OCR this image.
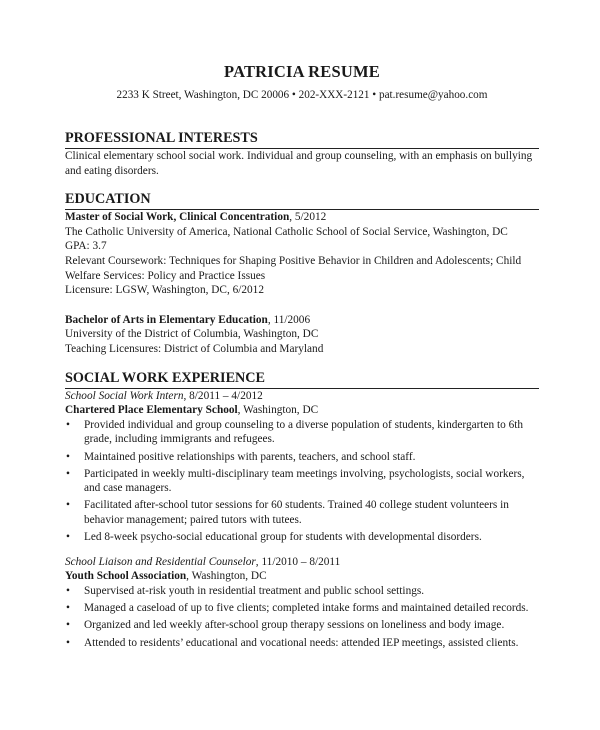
PATRICIA RESUME
2233 K Street, Washington, DC 20006 • 202-XXX-2121 • pat.resume@yahoo.com
PROFESSIONAL INTERESTS
Clinical elementary school social work. Individual and group counseling, with an emphasis on bullying and eating disorders.
EDUCATION
Master of Social Work, Clinical Concentration, 5/2012
The Catholic University of America, National Catholic School of Social Service, Washington, DC
GPA: 3.7
Relevant Coursework: Techniques for Shaping Positive Behavior in Children and Adolescents; Child Welfare Services: Policy and Practice Issues
Licensure: LGSW, Washington, DC, 6/2012
Bachelor of Arts in Elementary Education, 11/2006
University of the District of Columbia, Washington, DC
Teaching Licensures: District of Columbia and Maryland
SOCIAL WORK EXPERIENCE
School Social Work Intern, 8/2011 – 4/2012
Chartered Place Elementary School, Washington, DC
• Provided individual and group counseling to a diverse population of students, kindergarten to 6th grade, including immigrants and refugees.
• Maintained positive relationships with parents, teachers, and school staff.
• Participated in weekly multi-disciplinary team meetings involving, psychologists, social workers, and case managers.
• Facilitated after-school tutor sessions for 60 students. Trained 40 college student volunteers in behavior management; paired tutors with tutees.
• Led 8-week psycho-social educational group for students with developmental disorders.
School Liaison and Residential Counselor, 11/2010 – 8/2011
Youth School Association, Washington, DC
• Supervised at-risk youth in residential treatment and public school settings.
• Managed a caseload of up to five clients; completed intake forms and maintained detailed records.
• Organized and led weekly after-school group therapy sessions on loneliness and body image.
• Attended to residents’ educational and vocational needs: attended IEP meetings, assisted clients.
